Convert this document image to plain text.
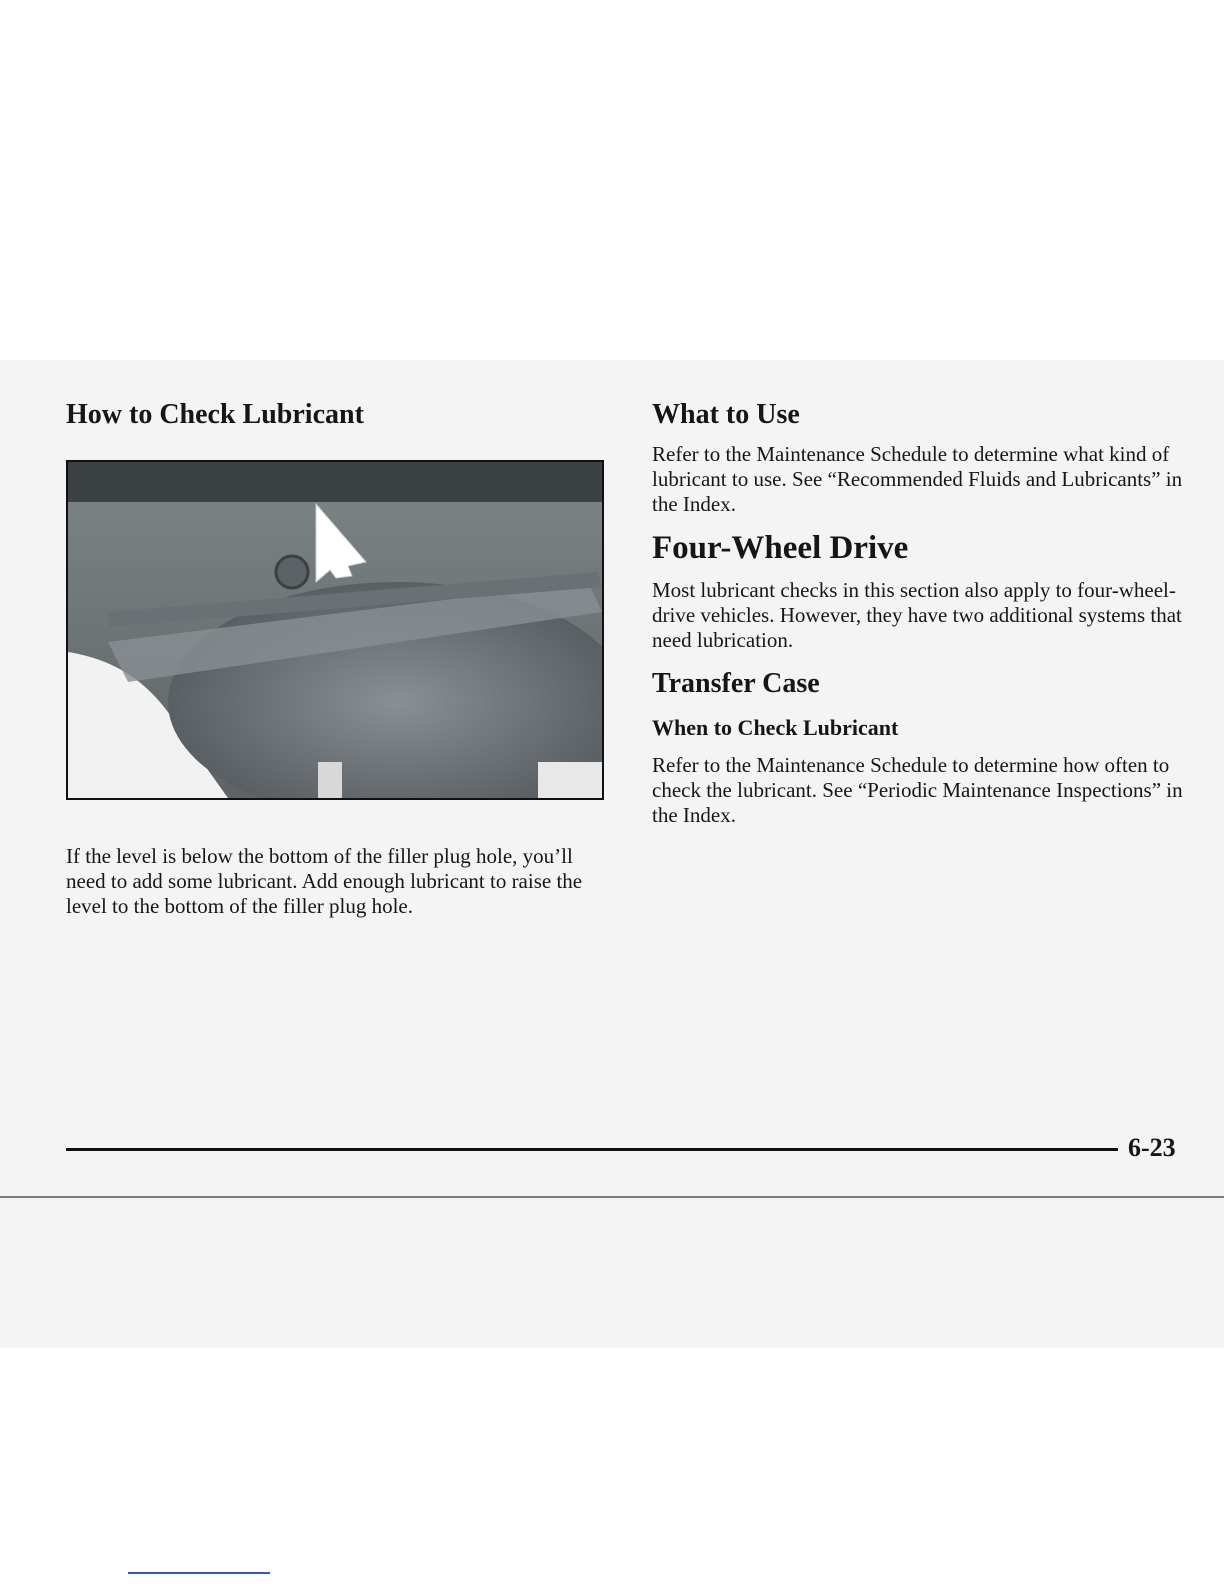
How to Check Lubricant

If the level is below the bottom of the filler plug hole, you’ll need to add some lubricant. Add enough lubricant to raise the level to the bottom of the filler plug hole.

What to Use

Refer to the Maintenance Schedule to determine what kind of lubricant to use. See “Recommended Fluids and Lubricants” in the Index.

Four-Wheel Drive

Most lubricant checks in this section also apply to four-wheel-drive vehicles. However, they have two additional systems that need lubrication.

Transfer Case
When to Check Lubricant

Refer to the Maintenance Schedule to determine how often to check the lubricant. See “Periodic Maintenance Inspections” in the Index.

6-23
